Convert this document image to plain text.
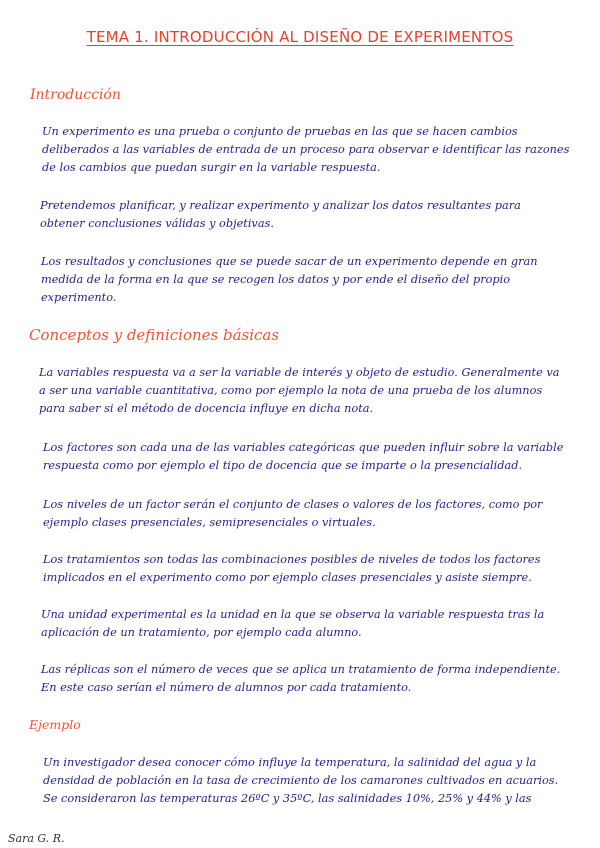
TEMA 1. INTRODUCCIÓN AL DISEÑO DE EXPERIMENTOS
Introducción
Un experimento es una prueba o conjunto de pruebas en las que se hacen cambios
deliberados a las variables de entrada de un proceso para observar e identificar las razones
de los cambios que puedan surgir en la variable respuesta.
Pretendemos planificar, y realizar experimento y analizar los datos resultantes para
obtener conclusiones válidas y objetivas.
Los resultados y conclusiones que se puede sacar de un experimento depende en gran
medida de la forma en la que se recogen los datos y por ende el diseño del propio
experimento.
Conceptos y definiciones básicas
La variables respuesta va a ser la variable de interés y objeto de estudio. Generalmente va
a ser una variable cuantitativa, como por ejemplo la nota de una prueba de los alumnos
para saber si el método de docencia influye en dicha nota.
Los factores son cada una de las variables categóricas que pueden influir sobre la variable
respuesta como por ejemplo el tipo de docencia que se imparte o la presencialidad.
Los niveles de un factor serán el conjunto de clases o valores de los factores, como por
ejemplo clases presenciales, semipresenciales o virtuales.
Los tratamientos son todas las combinaciones posibles de niveles de todos los factores
implicados en el experimento como por ejemplo clases presenciales y asiste siempre.
Una unidad experimental es la unidad en la que se observa la variable respuesta tras la
aplicación de un tratamiento, por ejemplo cada alumno.
Las réplicas son el número de veces que se aplica un tratamiento de forma independiente.
En este caso serían el número de alumnos por cada tratamiento.
Ejemplo
Un investigador desea conocer cómo influye la temperatura, la salinidad del agua y la
densidad de población en la tasa de crecimiento de los camarones cultivados en acuarios.
Se consideraron las temperaturas 26ºC y 35ºC, las salinidades 10%, 25% y 44% y las
Sara G. R.
